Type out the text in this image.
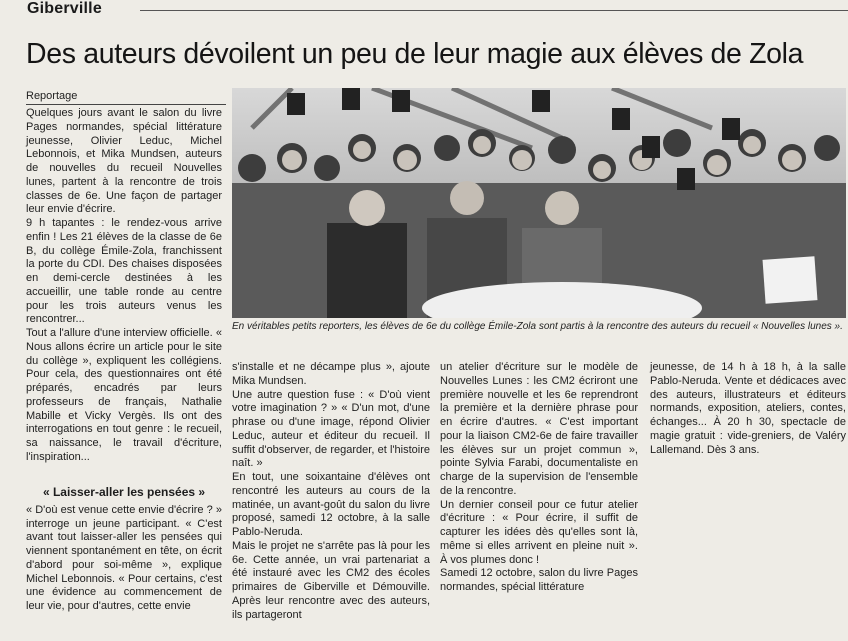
Giberville
Des auteurs dévoilent un peu de leur magie aux élèves de Zola
Reportage

Quelques jours avant le salon du livre Pages normandes, spécial littérature jeunesse, Olivier Leduc, Michel Lebonnois, et Mika Mundsen, auteurs de nouvelles du recueil Nouvelles lunes, partent à la rencontre de trois classes de 6e. Une façon de partager leur envie d'écrire.

9 h tapantes : le rendez-vous arrive enfin ! Les 21 élèves de la classe de 6e B, du collège Émile-Zola, franchissent la porte du CDI. Des chaises disposées en demi-cercle destinées à les accueillir, une table ronde au centre pour les trois auteurs venus les rencontrer...

Tout a l'allure d'une interview officielle. « Nous allons écrire un article pour le site du collège », expliquent les collégiens. Pour cela, des questionnaires ont été préparés, encadrés par leurs professeurs de français, Nathalie Mabille et Vicky Vergès. Ils ont des interrogations en tout genre : le recueil, sa naissance, le travail d'écriture, l'inspiration...

« Laisser-aller les pensées »

« D'où est venue cette envie d'écrire ? » interroge un jeune participant. « C'est avant tout laisser-aller les pensées qui viennent spontanément en tête, on écrit d'abord pour soi-même », explique Michel Lebonnois. « Pour certains, c'est une évidence au commencement de leur vie, pour d'autres, cette envie

En véritables petits reporters, les élèves de 6e du collège Émile-Zola sont partis à la rencontre des auteurs du recueil « Nouvelles lunes ».

s'installe et ne décampe plus », ajoute Mika Mundsen.

Une autre question fuse : « D'où vient votre imagination ? » « D'un mot, d'une phrase ou d'une image, répond Olivier Leduc, auteur et éditeur du recueil. Il suffit d'observer, de regarder, et l'histoire naît. »

En tout, une soixantaine d'élèves ont rencontré les auteurs au cours de la matinée, un avant-goût du salon du livre proposé, samedi 12 octobre, à la salle Pablo-Neruda.

Mais le projet ne s'arrête pas là pour les 6e. Cette année, un vrai partenariat a été instauré avec les CM2 des écoles primaires de Giberville et Démouville. Après leur rencontre avec des auteurs, ils partageront

un atelier d'écriture sur le modèle de Nouvelles Lunes : les CM2 écriront une première nouvelle et les 6e reprendront la première et la dernière phrase pour en écrire d'autres. « C'est important pour la liaison CM2-6e de faire travailler les élèves sur un projet commun », pointe Sylvia Farabi, documentaliste en charge de la supervision de l'ensemble de la rencontre.

Un dernier conseil pour ce futur atelier d'écriture : « Pour écrire, il suffit de capturer les idées dès qu'elles sont là, même si elles arrivent en pleine nuit ». À vos plumes donc !

Samedi 12 octobre, salon du livre Pages normandes, spécial littérature

jeunesse, de 14 h à 18 h, à la salle Pablo-Neruda. Vente et dédicaces avec des auteurs, illustrateurs et éditeurs normands, exposition, ateliers, contes, échanges... À 20 h 30, spectacle de magie gratuit : vide-greniers, de Valéry Lallemand. Dès 3 ans.
